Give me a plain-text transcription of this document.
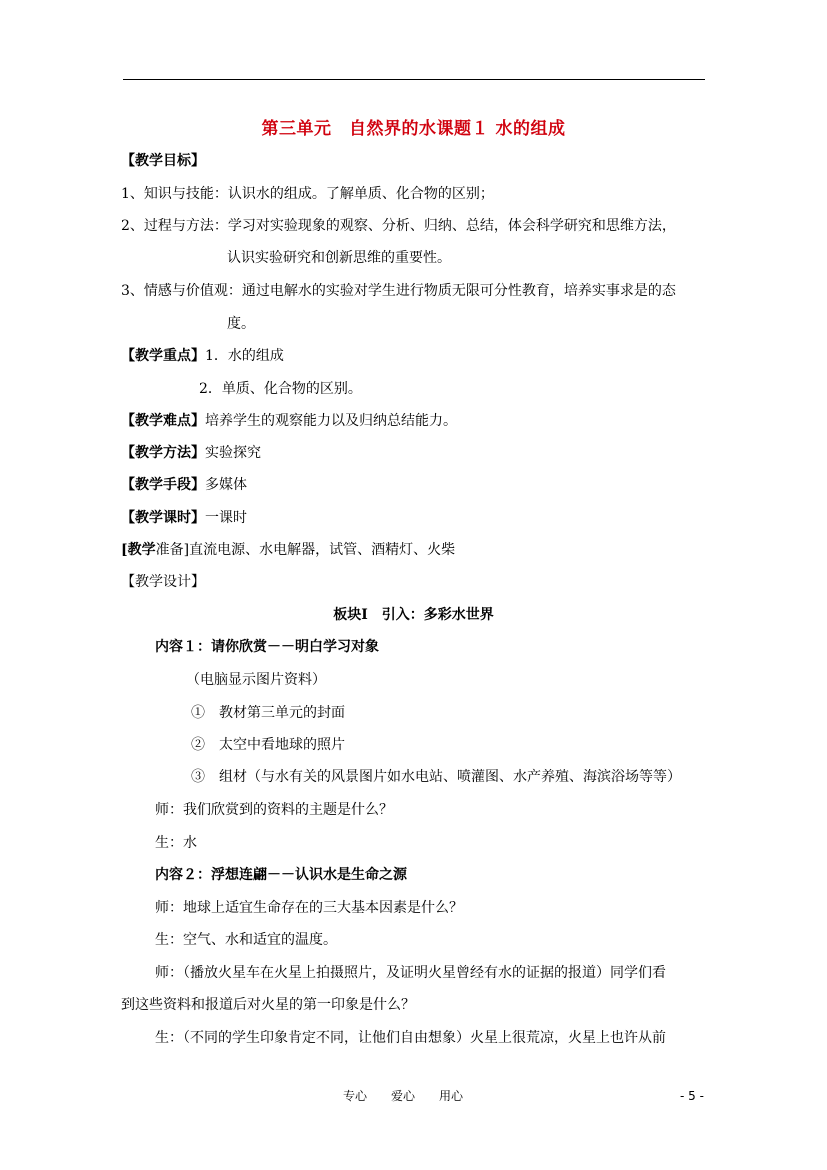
第三单元　自然界的水课题１ 水的组成
【教学目标】
1、知识与技能：认识水的组成。了解单质、化合物的区别；
2、过程与方法：学习对实验现象的观察、分析、归纳、总结，体会科学研究和思维方法，
认识实验研究和创新思维的重要性。
3、情感与价值观：通过电解水的实验对学生进行物质无限可分性教育，培养实事求是的态
度。
【教学重点】1．水的组成
2．单质、化合物的区别。
【教学难点】培养学生的观察能力以及归纳总结能力。
【教学方法】实验探究
【教学手段】多媒体
【教学课时】一课时
[教学准备]直流电源、水电解器，试管、酒精灯、火柴
【教学设计】
板块Ⅰ　引入：多彩水世界
内容１：请你欣赏－－明白学习对象
（电脑显示图片资料）
①　教材第三单元的封面
②　太空中看地球的照片
③　组材（与水有关的风景图片如水电站、喷灌图、水产养殖、海滨浴场等等）
师：我们欣赏到的资料的主题是什么？
生：水
内容２：浮想连翩－－认识水是生命之源
师：地球上适宜生命存在的三大基本因素是什么？
生：空气、水和适宜的温度。
师：（播放火星车在火星上拍摄照片，及证明火星曾经有水的证据的报道）同学们看
到这些资料和报道后对火星的第一印象是什么？
生：（不同的学生印象肯定不同，让他们自由想象）火星上很荒凉，火星上也许从前
专心　　爱心　　用心	- 5 -
